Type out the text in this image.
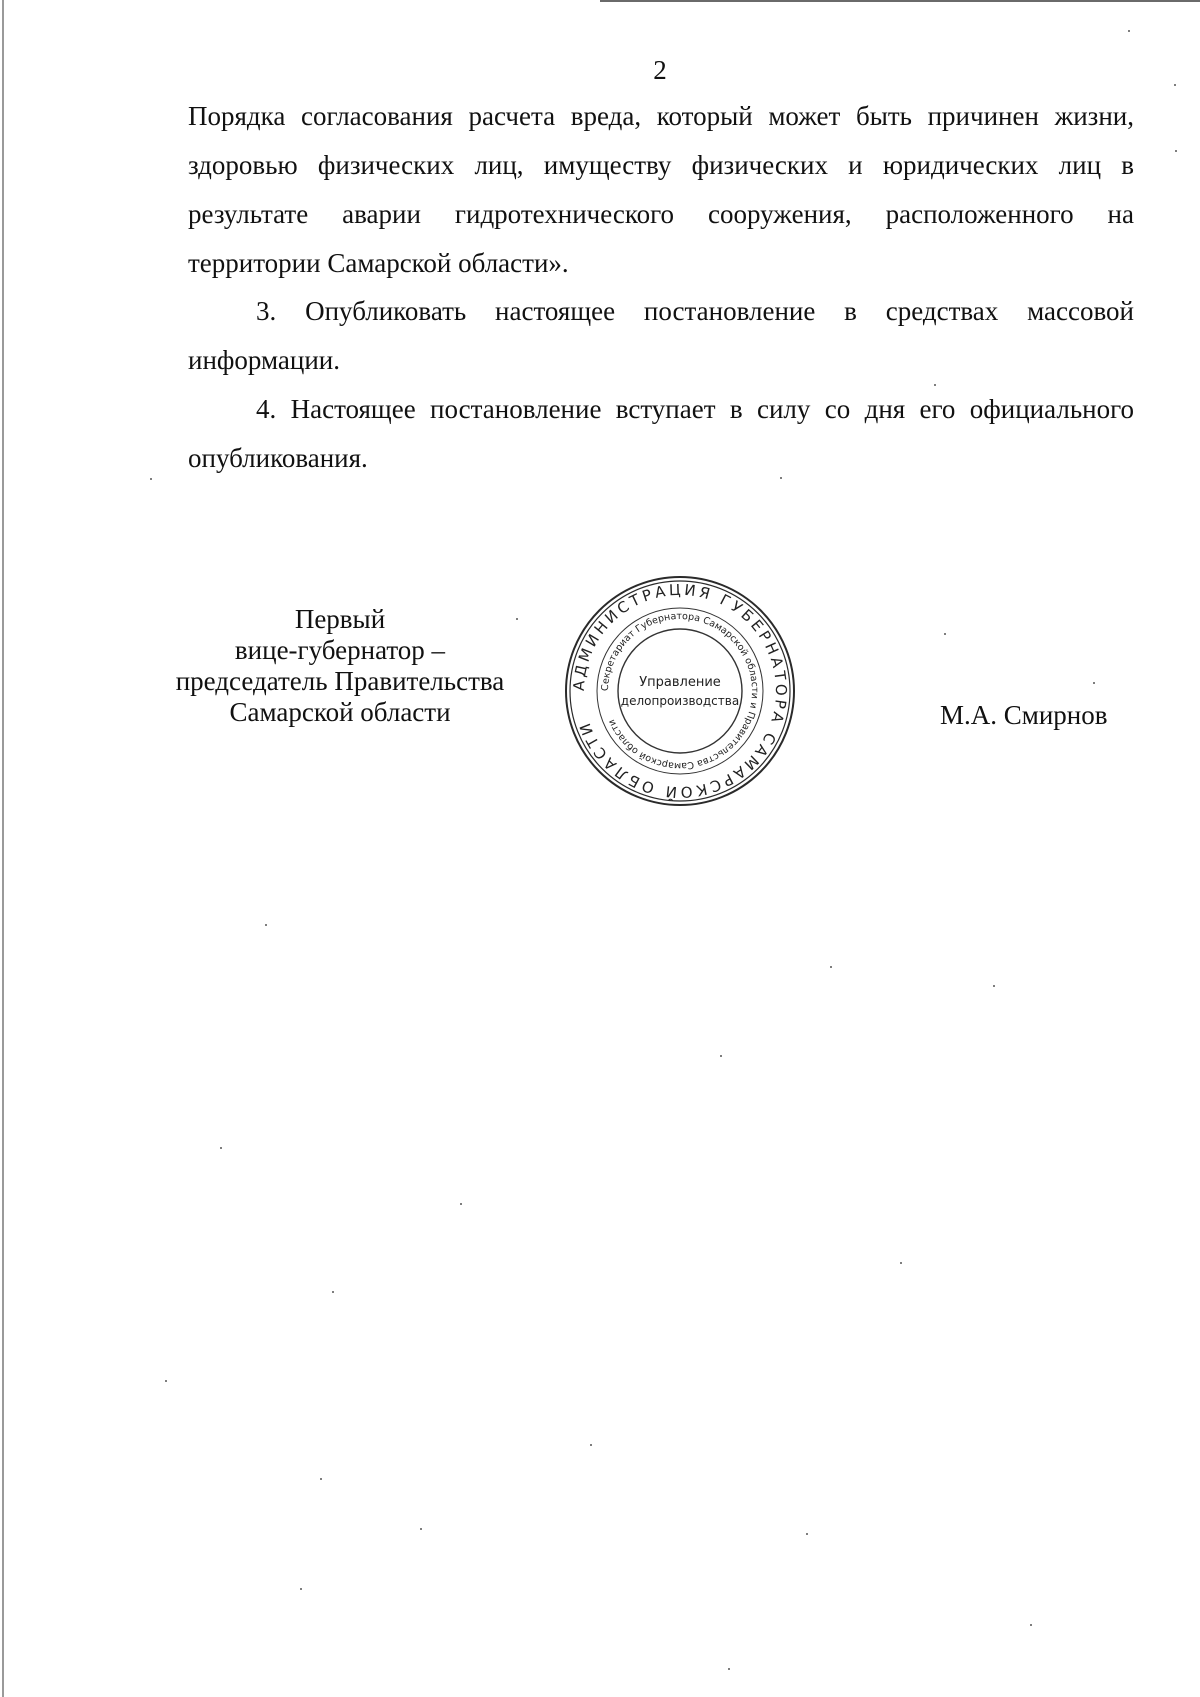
2

Порядка согласования расчета вреда, который может быть причинен жизни,
здоровью физических лиц, имуществу физических и юридических лиц в
результате аварии гидротехнического сооружения, расположенного на
территории Самарской области».

3. Опубликовать настоящее постановление в средствах массовой
информации.

4. Настоящее постановление вступает в силу со дня его официального
опубликования.

Первый
вице-губернатор –
председатель Правительства
Самарской области
АДМИНИСТРАЦИЯ ГУБЕРНАТОРА САМАРСКОЙ ОБЛАСТИ
Секретариат Губернатора Самарской области и Правительства Самарской области
Управление
делопроизводства	М.А. Смирнов
